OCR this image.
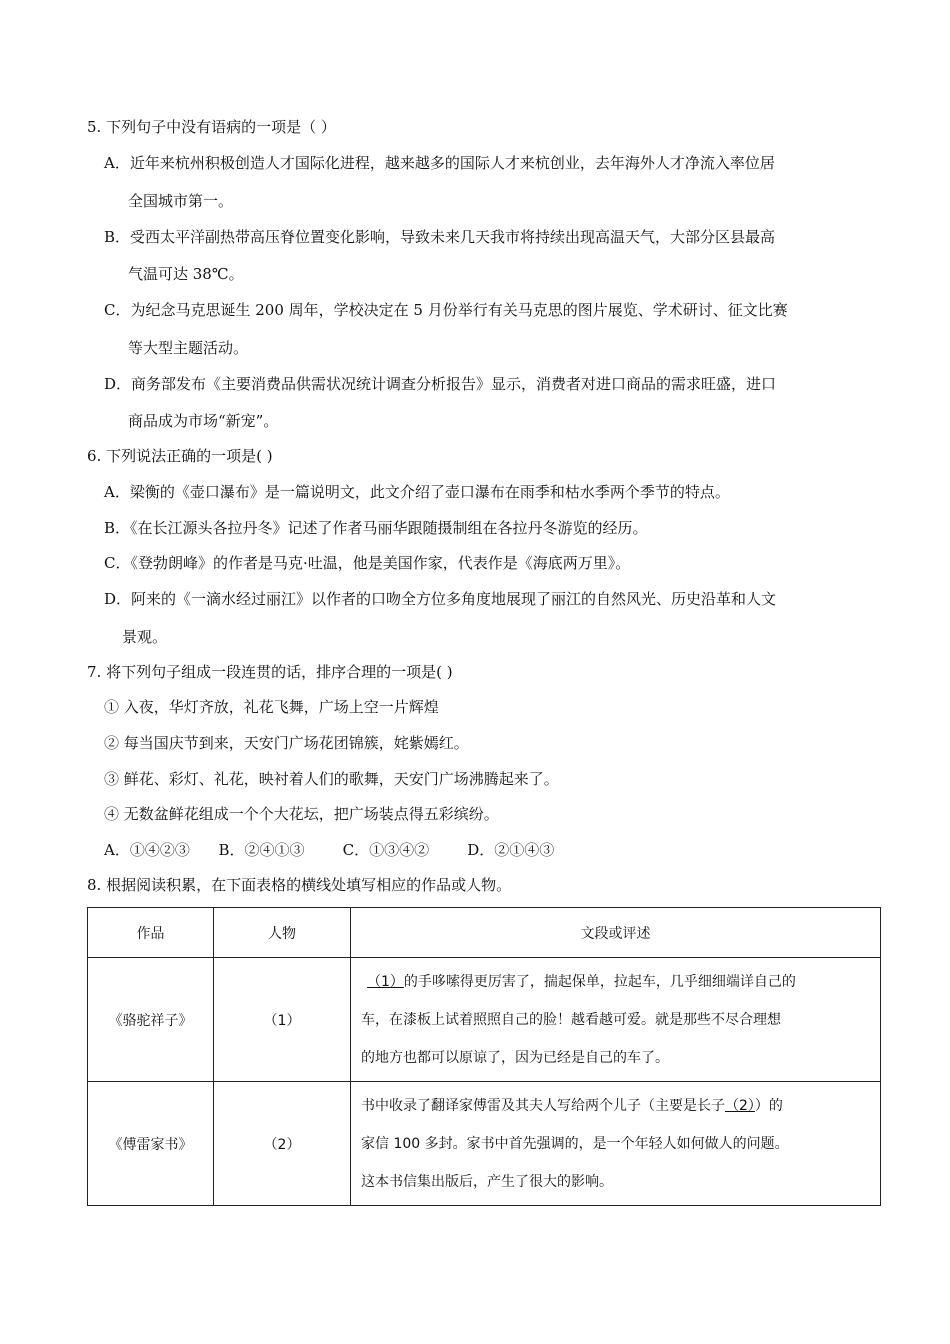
5. 下列句子中没有语病的一项是（ ）
A．近年来杭州积极创造人才国际化进程，越来越多的国际人才来杭创业，去年海外人才净流入率位居
全国城市第一。
B．受西太平洋副热带高压脊位置变化影响，导致未来几天我市将持续出现高温天气，大部分区县最高
气温可达 38℃。
C．为纪念马克思诞生 200 周年，学校决定在 5 月份举行有关马克思的图片展览、学术研讨、征文比赛
等大型主题活动。
D．商务部发布《主要消费品供需状况统计调查分析报告》显示，消费者对进口商品的需求旺盛，进口
商品成为市场“新宠”。
6. 下列说法正确的一项是( )
A．梁衡的《壶口瀑布》是一篇说明文，此文介绍了壶口瀑布在雨季和枯水季两个季节的特点。
B．《在长江源头各拉丹冬》记述了作者马丽华跟随摄制组在各拉丹冬游览的经历。
C．《登勃朗峰》的作者是马克·吐温，他是美国作家，代表作是《海底两万里》。
D．阿来的《一滴水经过丽江》以作者的口吻全方位多角度地展现了丽江的自然风光、历史沿革和人文
景观。
7. 将下列句子组成一段连贯的话，排序合理的一项是( )
① 入夜，华灯齐放，礼花飞舞，广场上空一片辉煌
② 每当国庆节到来，天安门广场花团锦簇，姹紫嫣红。
③ 鲜花、彩灯、礼花，映衬着人们的歌舞，天安门广场沸腾起来了。
④ 无数盆鲜花组成一个个大花坛，把广场装点得五彩缤纷。
A．①④②③      B．②④①③        C．①③④②        D．②①④③
8. 根据阅读积累，在下面表格的横线处填写相应的作品或人物。
作品	人物	文段或评述
《骆驼祥子》	（1）	（1）的手哆嗦得更厉害了，揣起保单，拉起车，几乎细细端详自己的
车，在漆板上试着照照自己的脸！越看越可爱。就是那些不尽合理想
的地方也都可以原谅了，因为已经是自己的车了。

《傅雷家书》	（2）	书中收录了翻译家傅雷及其夫人写给两个儿子（主要是长子（2））的
家信 100 多封。家书中首先强调的，是一个年轻人如何做人的问题。
这本书信集出版后，产生了很大的影响。
